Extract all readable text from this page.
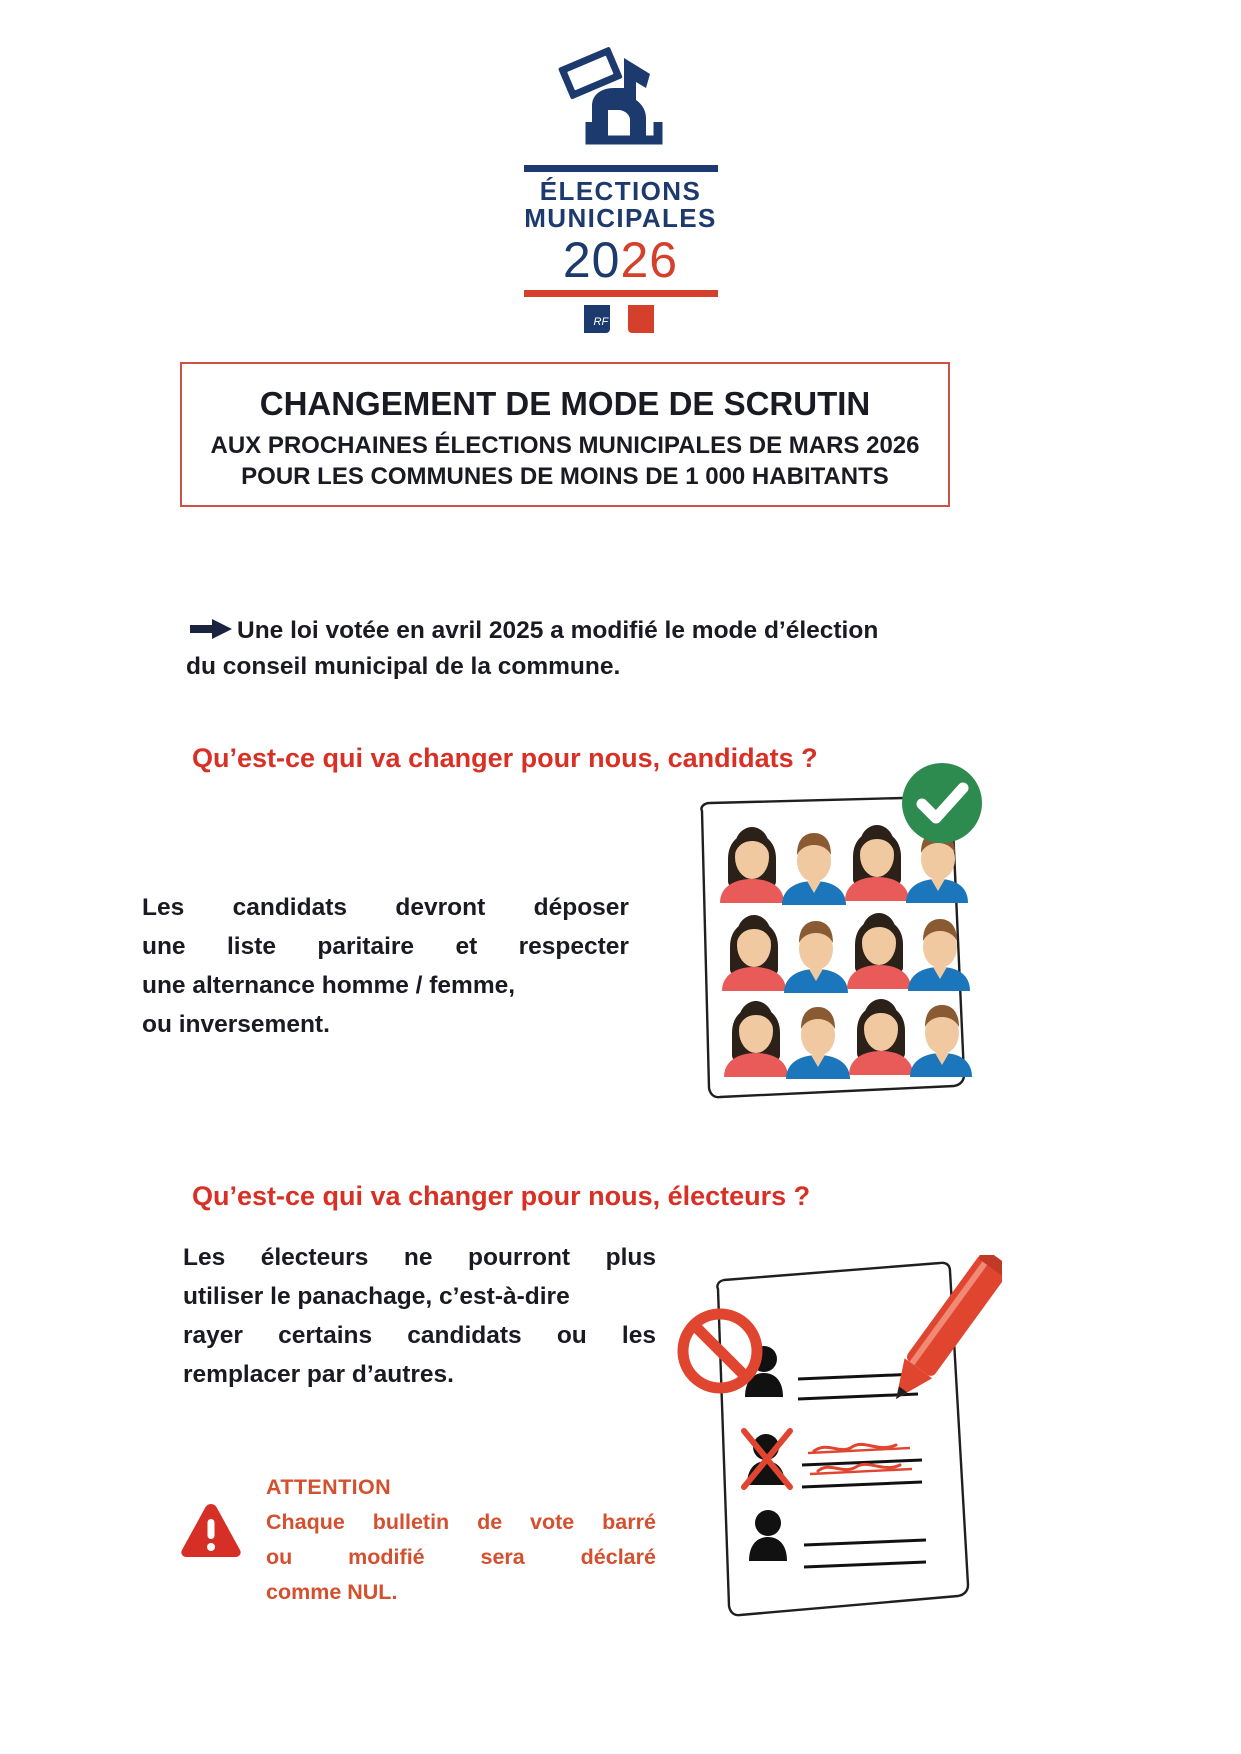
ÉLECTIONS
MUNICIPALES
2026
RF
CHANGEMENT DE MODE DE SCRUTIN
AUX PROCHAINES ÉLECTIONS MUNICIPALES DE MARS 2026
POUR LES COMMUNES DE MOINS DE 1 000 HABITANTS
Une loi votée en avril 2025 a modifié le mode d’élection
du conseil municipal de la commune.
Qu’est-ce qui va changer pour nous, candidats ?
Les candidats devront déposer
une liste paritaire et respecter
une alternance homme / femme,
ou inversement.
Qu’est-ce qui va changer pour nous, électeurs ?
Les électeurs ne pourront plus
utiliser le panachage, c’est-à-dire
rayer certains candidats ou les
remplacer par d’autres.
ATTENTION
Chaque bulletin de vote barré
ou	modifié	sera	déclaré
comme NUL.
